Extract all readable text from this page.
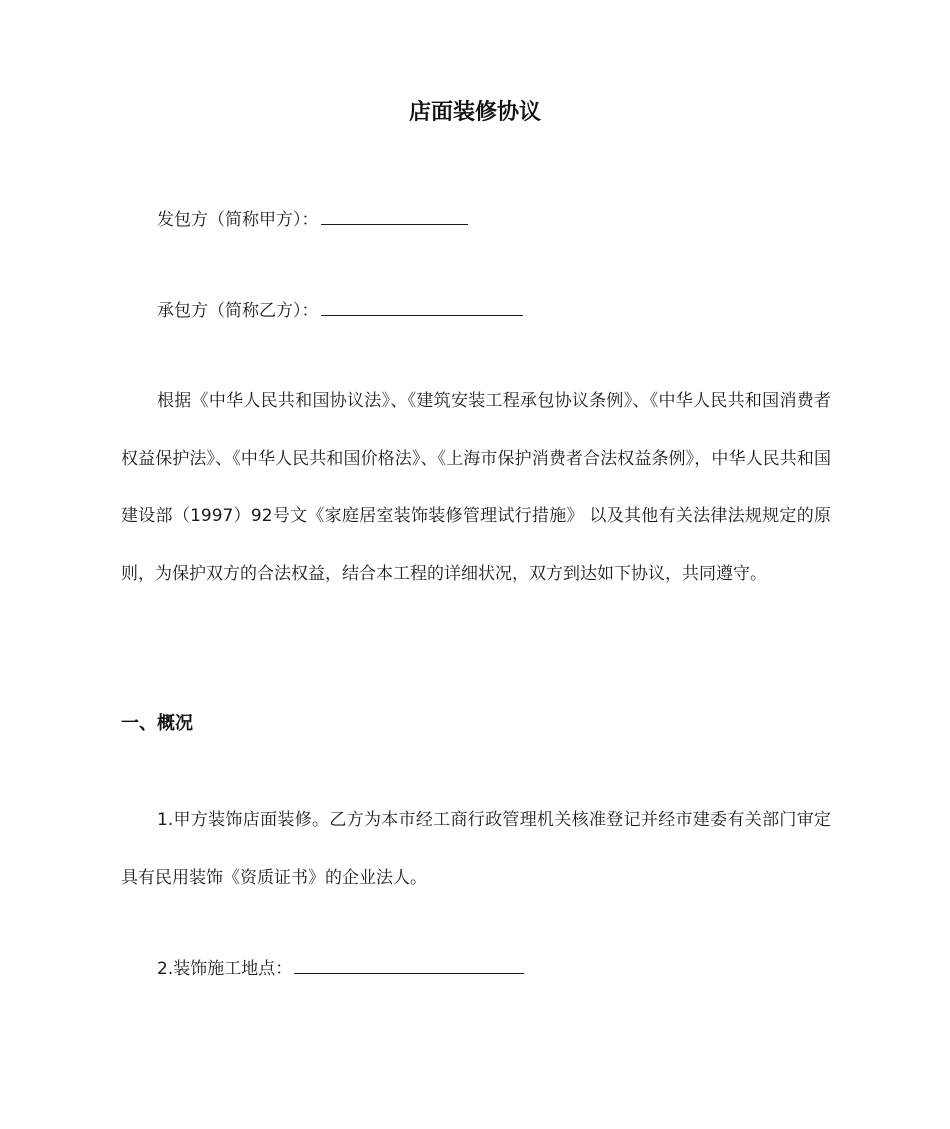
店面装修协议
发包方（简称甲方）：
承包方（简称乙方）：

根据《中华人民共和国协议法》、《建筑安装工程承包协议条例》、《中华人民共和国消费者权益保护法》、《中华人民共和国价格法》、《上海市保护消费者合法权益条例》，中华人民共和国建设部（1997）92号文《家庭居室装饰装修管理试行措施》 以及其他有关法律法规规定的原则，为保护双方的合法权益，结合本工程的详细状况，双方到达如下协议，共同遵守。

一、概况

1.甲方装饰店面装修。乙方为本市经工商行政管理机关核准登记并经市建委有关部门审定具有民用装饰《资质证书》的企业法人。

2.装饰施工地点：
